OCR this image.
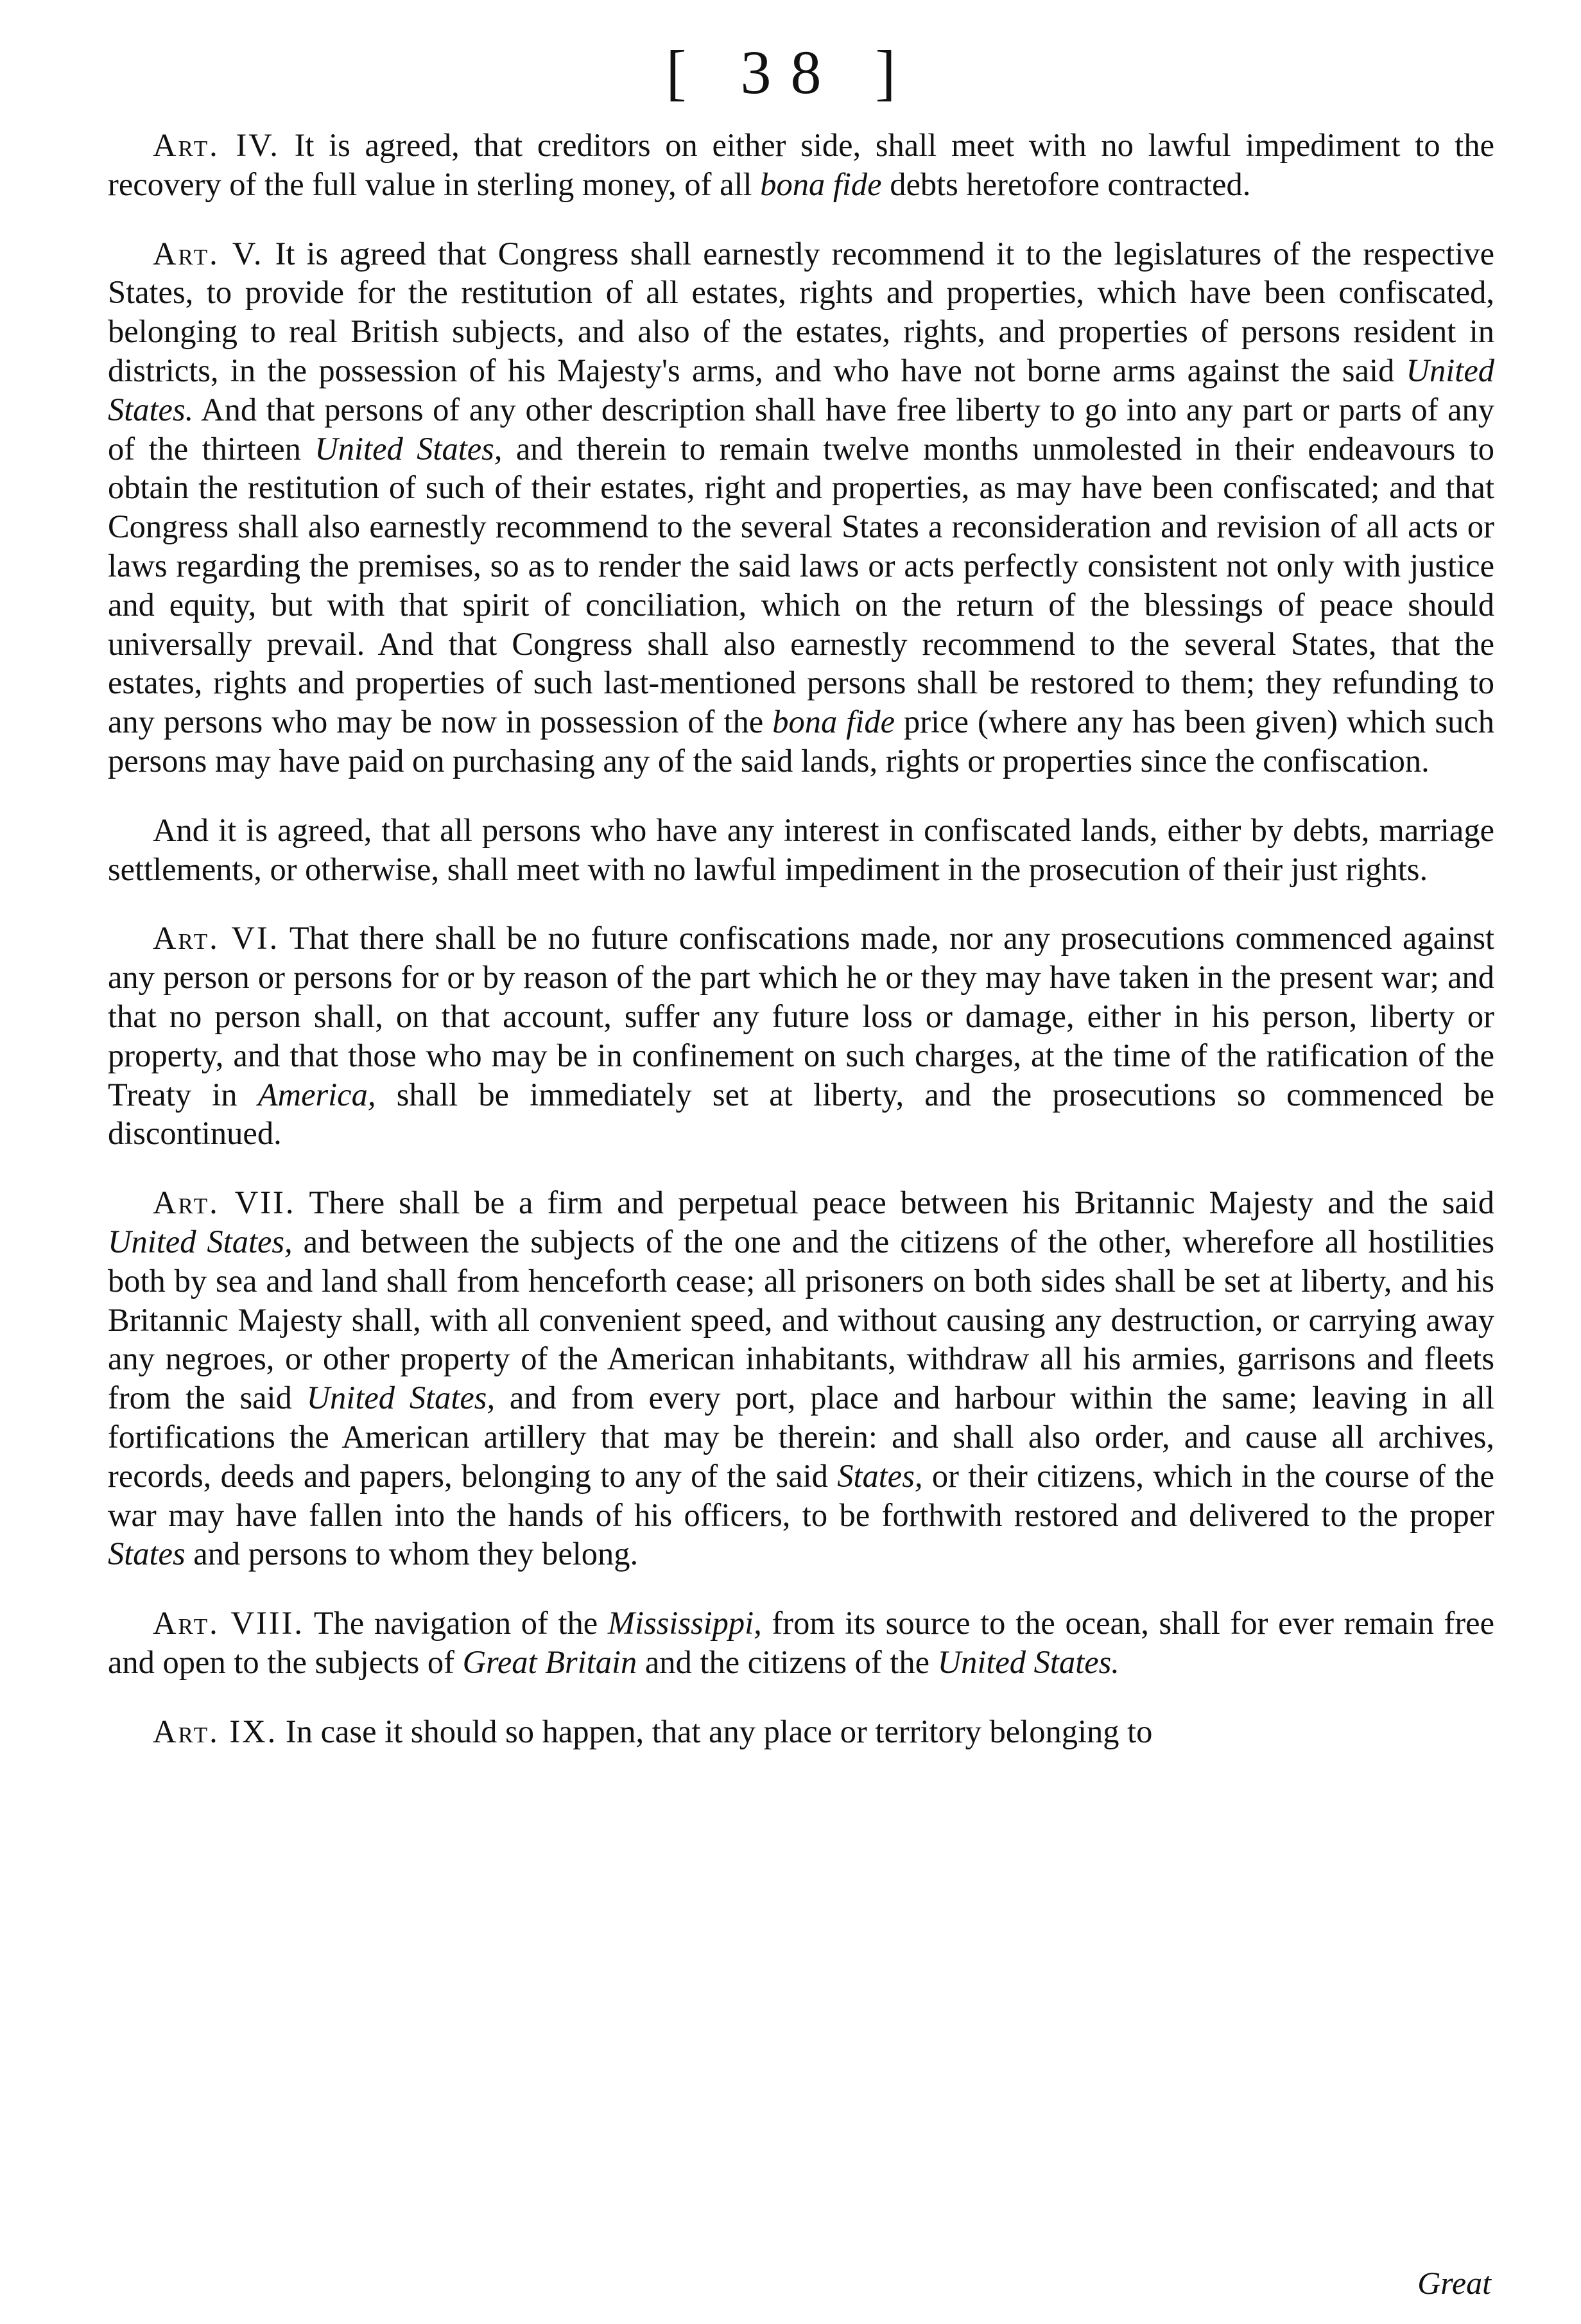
[ 38 ]

Art. IV. It is agreed, that creditors on either side, shall meet with no lawful impediment to the recovery of the full value in sterling money, of all bona fide debts heretofore contracted.

Art. V. It is agreed that Congress shall earnestly recommend it to the legislatures of the respective States, to provide for the restitution of all estates, rights and properties, which have been confiscated, belonging to real British subjects, and also of the estates, rights, and properties of persons resident in districts, in the possession of his Majesty's arms, and who have not borne arms against the said United States. And that persons of any other description shall have free liberty to go into any part or parts of any of the thirteen United States, and therein to remain twelve months unmolested in their endeavours to obtain the restitution of such of their estates, right and properties, as may have been confiscated; and that Congress shall also earnestly recommend to the several States a reconsideration and revision of all acts or laws regarding the premises, so as to render the said laws or acts perfectly consistent not only with justice and equity, but with that spirit of conciliation, which on the return of the blessings of peace should universally prevail. And that Congress shall also earnestly recommend to the several States, that the estates, rights and properties of such last-mentioned persons shall be restored to them; they refunding to any persons who may be now in possession of the bona fide price (where any has been given) which such persons may have paid on purchasing any of the said lands, rights or properties since the confiscation.

And it is agreed, that all persons who have any interest in confiscated lands, either by debts, marriage settlements, or otherwise, shall meet with no lawful impediment in the prosecution of their just rights.

Art. VI. That there shall be no future confiscations made, nor any prosecutions commenced against any person or persons for or by reason of the part which he or they may have taken in the present war; and that no person shall, on that account, suffer any future loss or damage, either in his person, liberty or property, and that those who may be in confinement on such charges, at the time of the ratification of the Treaty in America, shall be immediately set at liberty, and the prosecutions so commenced be discontinued.

Art. VII. There shall be a firm and perpetual peace between his Britannic Majesty and the said United States, and between the subjects of the one and the citizens of the other, wherefore all hostilities both by sea and land shall from henceforth cease; all prisoners on both sides shall be set at liberty, and his Britannic Majesty shall, with all convenient speed, and without causing any destruction, or carrying away any negroes, or other property of the American inhabitants, withdraw all his armies, garrisons and fleets from the said United States, and from every port, place and harbour within the same; leaving in all fortifications the American artillery that may be therein: and shall also order, and cause all archives, records, deeds and papers, belonging to any of the said States, or their citizens, which in the course of the war may have fallen into the hands of his officers, to be forthwith restored and delivered to the proper States and persons to whom they belong.

Art. VIII. The navigation of the Mississippi, from its source to the ocean, shall for ever remain free and open to the subjects of Great Britain and the citizens of the United States.

Art. IX. In case it should so happen, that any place or territory belonging to

Great
